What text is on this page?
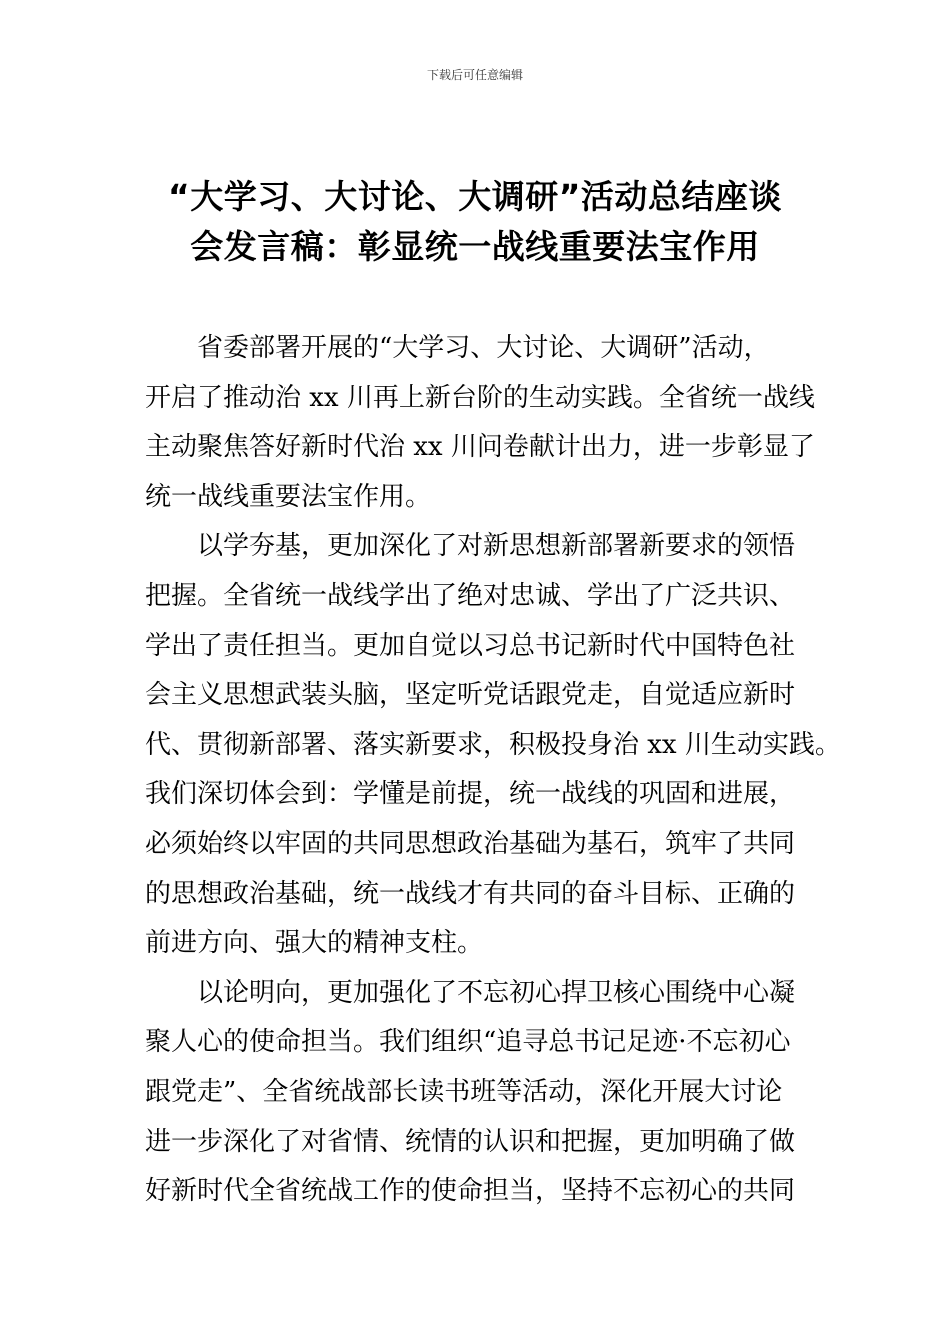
下载后可任意编辑
“大学习、大讨论、大调研”活动总结座谈
会发言稿：彰显统一战线重要法宝作用

省委部署开展的“大学习、大讨论、大调研”活动，
开启了推动治 xx 川再上新台阶的生动实践。全省统一战线
主动聚焦答好新时代治 xx 川问卷献计出力，进一步彰显了
统一战线重要法宝作用。

以学夯基，更加深化了对新思想新部署新要求的领悟
把握。全省统一战线学出了绝对忠诚、学出了广泛共识、
学出了责任担当。更加自觉以习总书记新时代中国特色社
会主义思想武装头脑，坚定听党话跟党走，自觉适应新时
代、贯彻新部署、落实新要求，积极投身治 xx 川生动实践。
我们深切体会到：学懂是前提，统一战线的巩固和进展，
必须始终以牢固的共同思想政治基础为基石，筑牢了共同
的思想政治基础，统一战线才有共同的奋斗目标、正确的
前进方向、强大的精神支柱。

以论明向，更加强化了不忘初心捍卫核心围绕中心凝
聚人心的使命担当。我们组织“追寻总书记足迹·不忘初心
跟党走”、全省统战部长读书班等活动，深化开展大讨论
进一步深化了对省情、统情的认识和把握，更加明确了做
好新时代全省统战工作的使命担当，坚持不忘初心的共同
